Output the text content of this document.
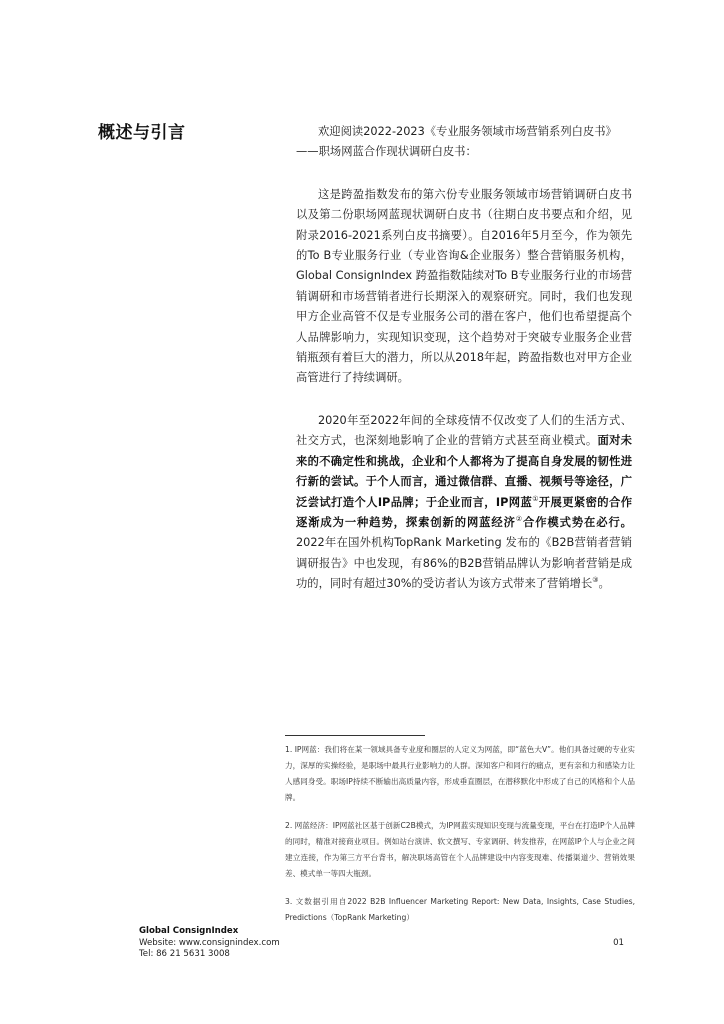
概述与引言	欢迎阅读2022-2023《专业服务领域市场营销系列白皮书》

——职场网蓝合作现状调研白皮书：

这是跨盈指数发布的第六份专业服务领域市场营销调研白皮书以及第二份职场网蓝现状调研白皮书（往期白皮书要点和介绍，见附录2016-2021系列白皮书摘要）。自2016年5月至今，作为领先的To B专业服务行业（专业咨询&企业服务）整合营销服务机构，Global ConsignIndex 跨盈指数陆续对To B专业服务行业的市场营销调研和市场营销者进行长期深入的观察研究。同时，我们也发现甲方企业高管不仅是专业服务公司的潜在客户，他们也希望提高个人品牌影响力，实现知识变现，这个趋势对于突破专业服务企业营销瓶颈有着巨大的潜力，所以从2018年起，跨盈指数也对甲方企业高管进行了持续调研。

2020年至2022年间的全球疫情不仅改变了人们的生活方式、社交方式，也深刻地影响了企业的营销方式甚至商业模式。面对未来的不确定性和挑战，企业和个人都将为了提高自身发展的韧性进行新的尝试。于个人而言，通过微信群、直播、视频号等途径，广泛尝试打造个人IP品牌；于企业而言，IP网蓝①开展更紧密的合作逐渐成为一种趋势，探索创新的网蓝经济②合作模式势在必行。2022年在国外机构TopRank Marketing 发布的《B2B营销者营销调研报告》中也发现，有86%的B2B营销品牌认为影响者营销是成功的，同时有超过30%的受访者认为该方式带来了营销增长③。

1. IP网蓝：我们将在某一领域具备专业度和圈层的人定义为网蓝，即“蓝色大V”。他们具备过硬的专业实力，深厚的实操经验，是职场中最具行业影响力的人群。深知客户和同行的痛点，更有亲和力和感染力让人感同身受。职场IP持续不断输出高质量内容，形成垂直圈层，在潜移默化中形成了自己的风格和个人品牌。

2. 网蓝经济：IP网蓝社区基于创新C2B模式，为IP网蓝实现知识变现与流量变现，平台在打造IP个人品牌的同时，精准对接商业项目。例如站台演讲、软文撰写、专家调研、转发推荐，在网蓝IP个人与企业之间建立连接，作为第三方平台背书，解决职场高管在个人品牌建设中内容变现难、传播渠道少、营销效果差、模式单一等四大瓶颈。

3. 文数据引用自2022 B2B Influencer Marketing Report: New Data, Insights, Case Studies, Predictions（TopRank Marketing）

Global ConsignIndex
Website: www.consignindex.com
Tel: 86 21 5631 3008
01
